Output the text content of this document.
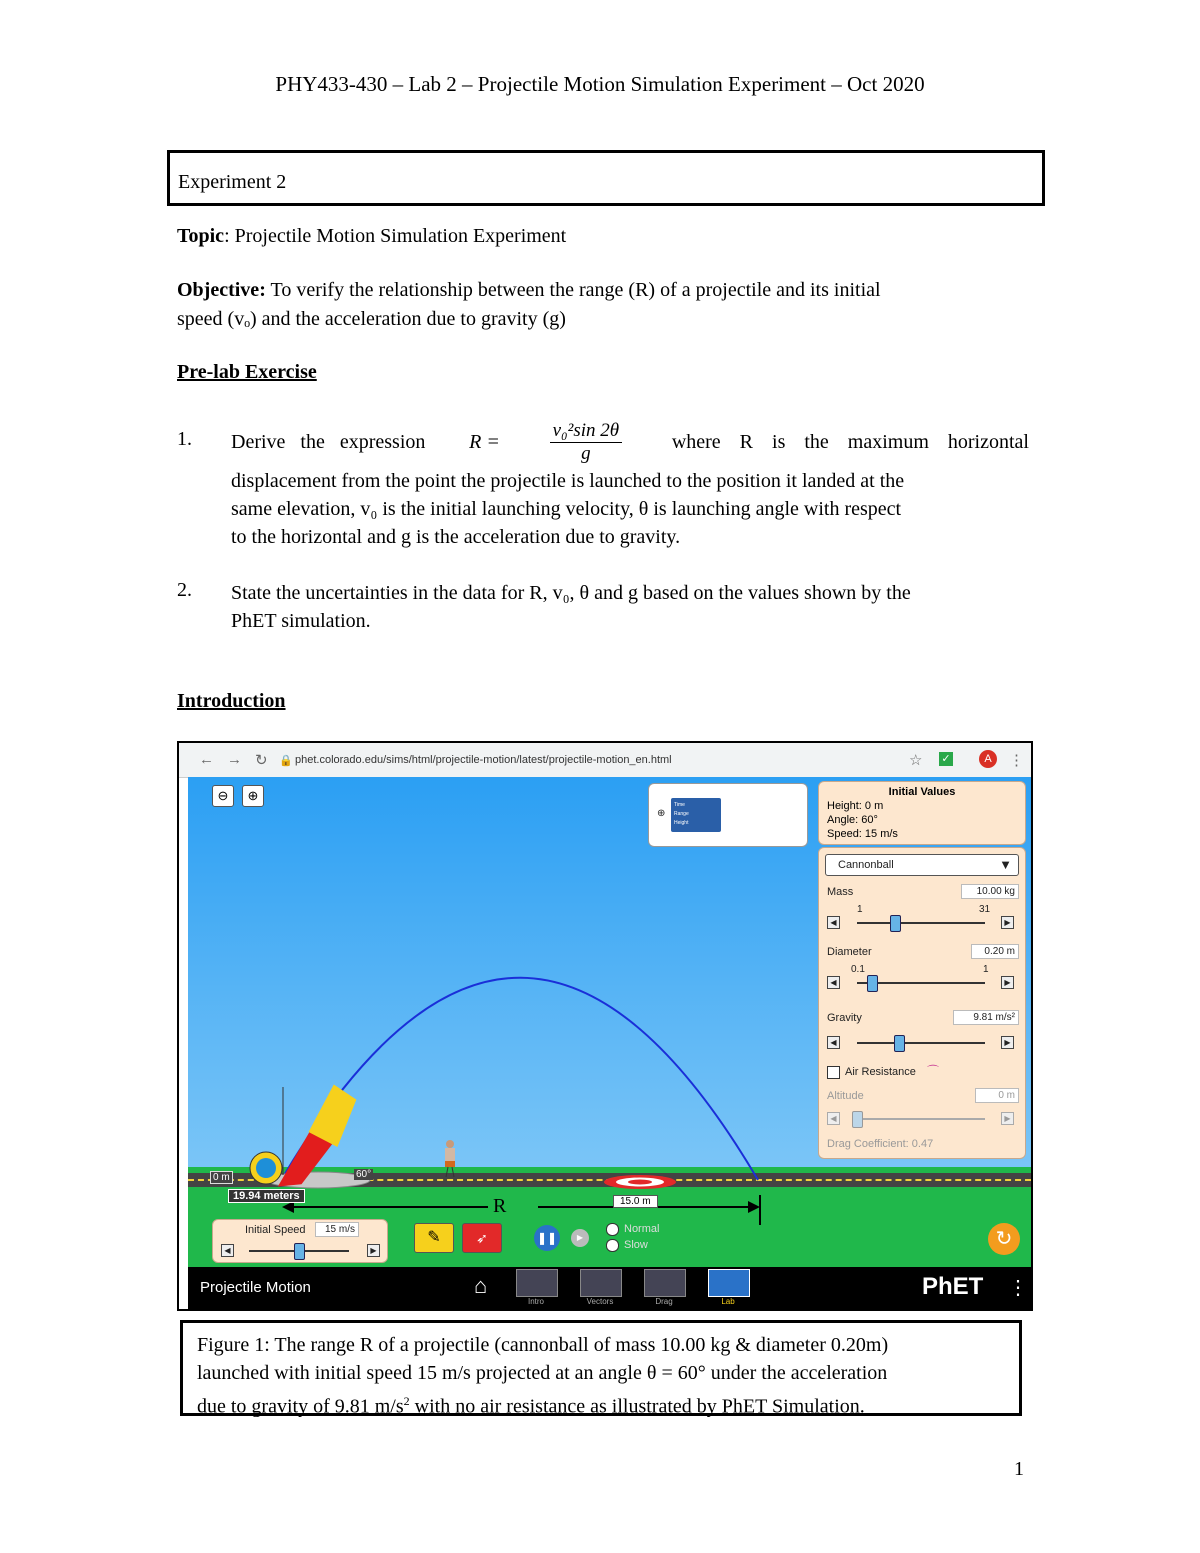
PHY433-430 – Lab 2 – Projectile Motion Simulation Experiment – Oct 2020
Experiment 2
Topic: Projectile Motion Simulation Experiment
Objective: To verify the relationship between the range (R) of a projectile and its initial
speed (vₒ) and the acceleration due to gravity (g)
Pre-lab Exercise
1. Derive the expression R =	$\frac{\text{v₀²sin 2θ}}{g}$ where R is the maximum horizontal
displacement from the point the projectile is launched to the position it landed at the
same elevation, v₀ is the initial launching velocity, θ is launching angle with respect
to the horizontal and g is the acceleration due to gravity.
2. State the uncertainties in the data for R, v₀, θ and g based on the values shown by the
PhET simulation.
Introduction
← → ↻ 🔒 phet.colorado.edu/sims/html/projectile-motion/latest/projectile-motion_en.html	☆ ✓	A	⋮
⊖	⊕
⊕
Time
Range
Height
Initial Values
Height: 0 m
Angle: 60°
Speed: 15 m/s
Cannonball	▼
Mass	10.00 kg
1	31
◀	▶
Diameter	0.20 m
0.1	1
◀	▶
Gravity	9.81 m/s²
◀	▶
Air Resistance ⌒
Altitude	0 m
◀	▶
Drag Coefficient: 0.47
0 m	60°
19.94 meters	15.0 m
R
Initial Speed	15 m/s
◀	▶
✎	➶	❚❚	▶
Normal
Slow	↻
Projectile Motion	⌂
Intro	Vectors	Drag	Lab
PhET ⋮
Figure 1: The range R of a projectile (cannonball of mass 10.00 kg & diameter 0.20m)
launched with initial speed 15 m/s projected at an angle θ = 60° under the acceleration
due to gravity of 9.81 $m/s^2$ with no air resistance as illustrated by PhET Simulation.
1
